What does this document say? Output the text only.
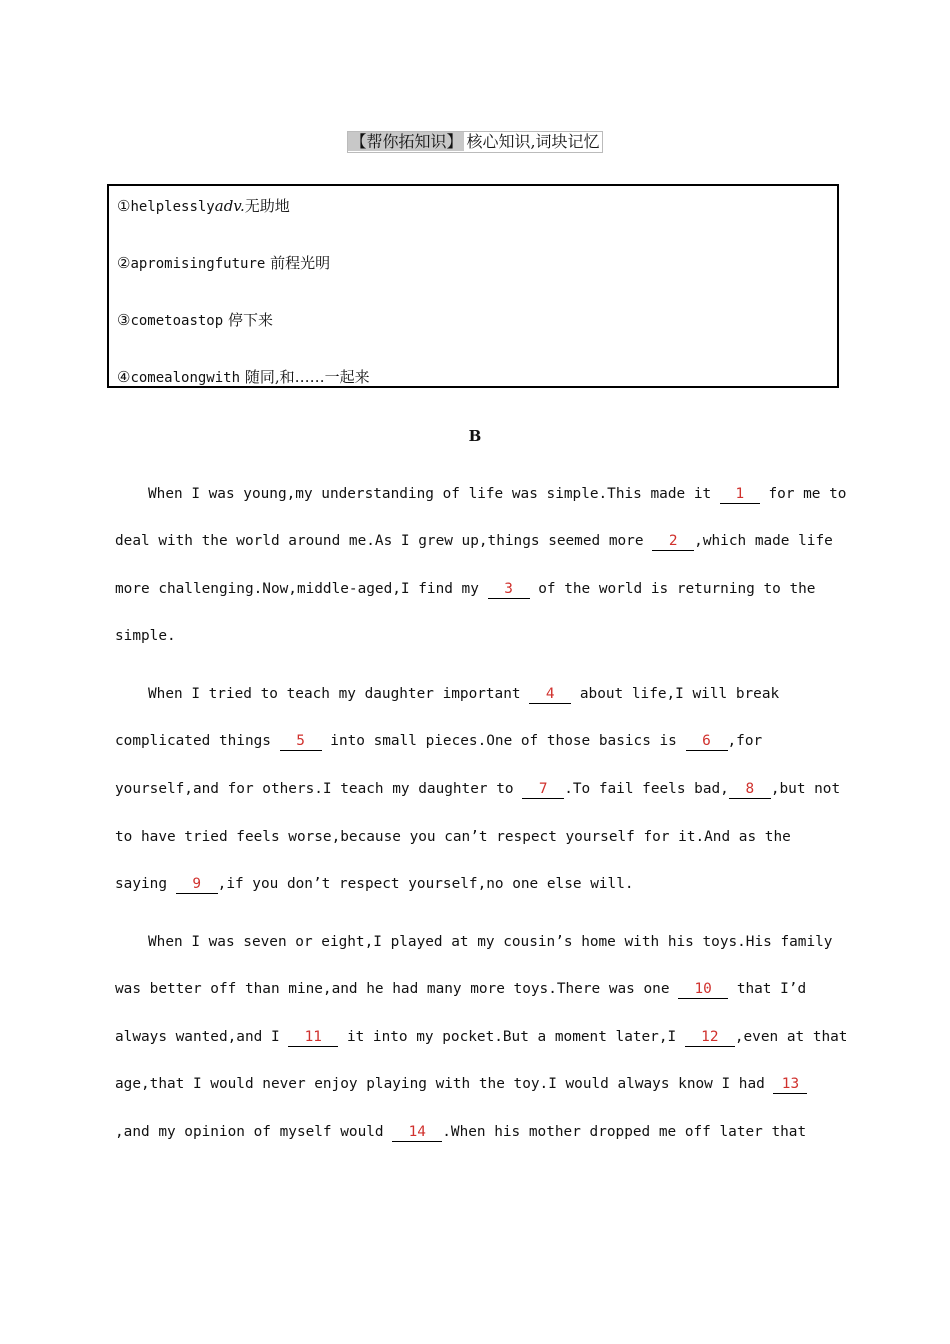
【帮你拓知识】 核心知识,词块记忆
①helplesslyadv.无助地
②apromisingfuture 前程光明
③cometoastop 停下来
④comealongwith 随同,和……一起来
B
When I was young,my understanding of life was simple.This made it 1 for me to
deal with the world around me.As I grew up,things seemed more 2 ,which made life
more challenging.Now,middle-aged,I find my 3 of the world is returning to the
simple.
When I tried to teach my daughter important 4 about life,I will break
complicated things 5 into small pieces.One of those basics is 6 ,for
yourself,and for others.I teach my daughter to 7 .To fail feels bad, 8 ,but not
to have tried feels worse,because you can’t respect yourself for it.And as the
saying 9 ,if you don’t respect yourself,no one else will.
When I was seven or eight,I played at my cousin’s home with his toys.His family
was better off than mine,and he had many more toys.There was one 10 that I’d
always wanted,and I 11 it into my pocket.But a moment later,I 12 ,even at that
age,that I would never enjoy playing with the toy.I would always know I had 13
,and my opinion of myself would 14 .When his mother dropped me off later that
